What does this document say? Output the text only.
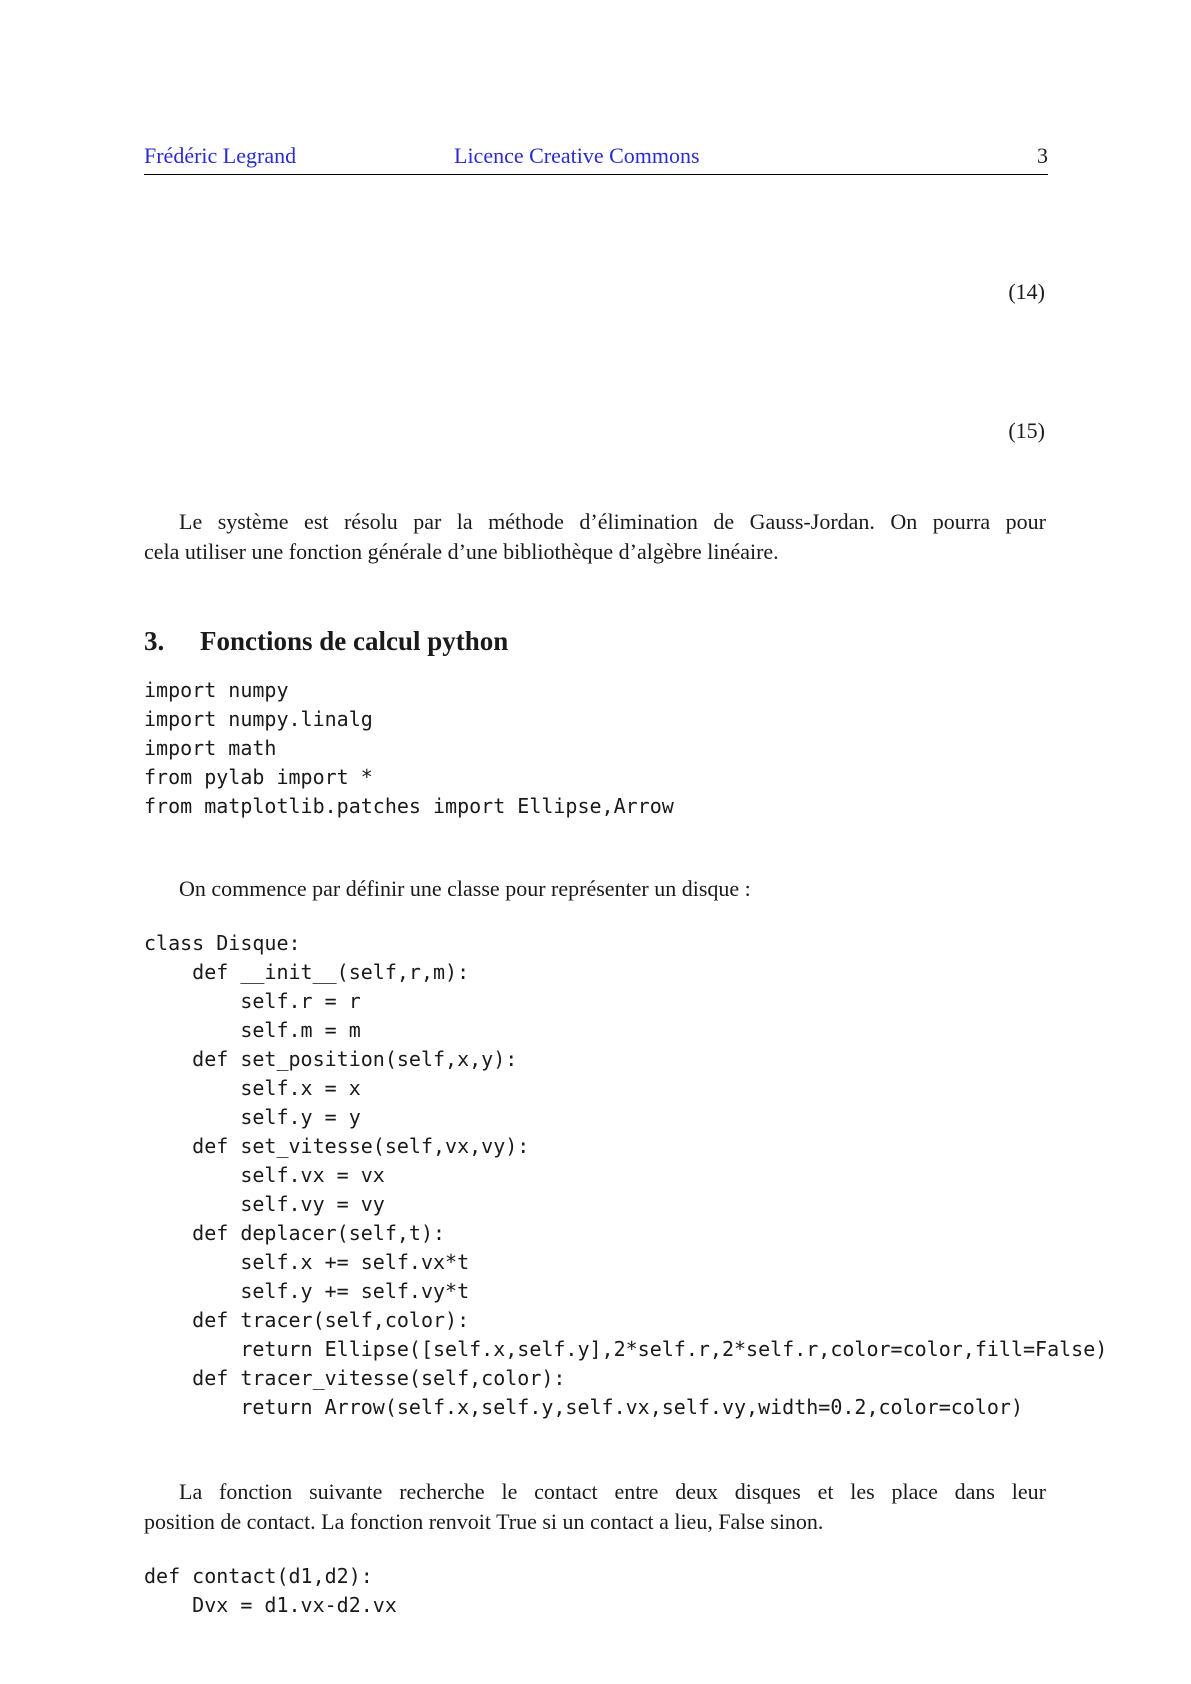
Frédéric Legrand	Licence Creative Commons	3
(14)
(15)

Le système est résolu par la méthode d’élimination de Gauss-Jordan. On pourra pour
cela utiliser une fonction générale d’une bibliothèque d’algèbre linéaire.

3. Fonctions de calcul python
import numpy
import numpy.linalg
import math
from pylab import *
from matplotlib.patches import Ellipse,Arrow

On commence par définir une classe pour représenter un disque :

class Disque:
def __init__(self,r,m):
self.r = r
self.m = m
def set_position(self,x,y):
self.x = x
self.y = y
def set_vitesse(self,vx,vy):
self.vx = vx
self.vy = vy
def deplacer(self,t):
self.x += self.vx*t
self.y += self.vy*t
def tracer(self,color):
return Ellipse([self.x,self.y],2*self.r,2*self.r,color=color,fill=False)
def tracer_vitesse(self,color):
return Arrow(self.x,self.y,self.vx,self.vy,width=0.2,color=color)

La fonction suivante recherche le contact entre deux disques et les place dans leur
position de contact. La fonction renvoit True si un contact a lieu, False sinon.

def contact(d1,d2):
Dvx = d1.vx-d2.vx
